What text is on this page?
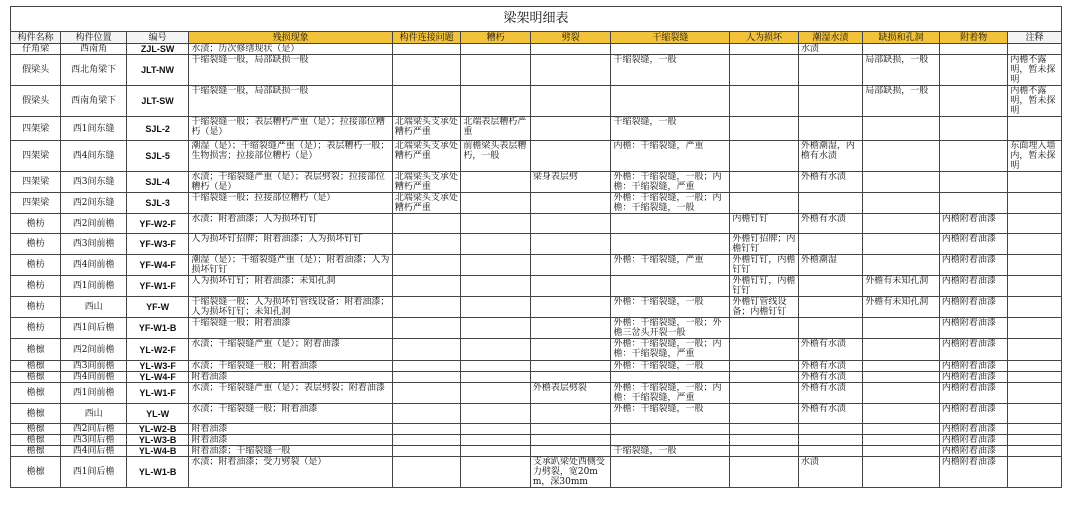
梁架明细表												
构件名称	构件位置	编号	残损现象	构件连接问题	糟朽	劈裂	干缩裂缝	人为损坏	潮湿水渍	缺损和孔洞	附着物	注释
仔角梁	西南角	ZJL-SW	水渍；历次修缮现状（是）						水渍			
假梁头	西北角梁下	JLT-NW	干缩裂缝一般，局部缺损一般				干缩裂缝，一般			局部缺损，一般		内檐不露明，暂未探明
假梁头	西南角梁下	JLT-SW	干缩裂缝一般，局部缺损一般							局部缺损，一般		内檐不露明，暂未探明
四架梁	西1间东缝	SJL-2	干缩裂缝一般；表层糟朽严重（是）；拉接部位糟朽（是）	北端梁头支承处糟朽严重	北端表层糟朽严重		干缩裂缝，一般					
四架梁	西4间东缝	SJL-5	潮湿（是）；干缩裂缝严重（是）；表层糟朽一般；生物损害；拉接部位糟朽（是）	北端梁头支承处糟朽严重	前檐梁头表层糟朽，一般		内檐：干缩裂缝，严重		外檐潮湿，内檐有水渍			东面埋入墙内，暂未探明
四架梁	西3间东缝	SJL-4	水渍；干缩裂缝严重（是）；表层劈裂；拉接部位糟朽（是）	北端梁头支承处糟朽严重		梁身表层劈	外檐：干缩裂缝，一般；内檐：干缩裂缝，严重		外檐有水渍			
四架梁	西2间东缝	SJL-3	干缩裂缝一般；拉接部位糟朽（是）	北端梁头支承处糟朽严重			外檐：干缩裂缝，一般；内檐：干缩裂缝，一般					
檐枋	西2间前檐	YF-W2-F	水渍；附着油漆；人为损坏钉钉					内檐钉钉	外檐有水渍		内檐附着油漆	
檐枋	西3间前檐	YF-W3-F	人为损坏钉招牌；附着油漆；人为损坏钉钉					外檐钉招牌；内檐钉钉			内檐附着油漆	
檐枋	西4间前檐	YF-W4-F	潮湿（是）；干缩裂缝严重（是）；附着油漆；人为损坏钉钉				外檐：干缩裂缝，严重	外檐钉钉，内檐钉钉	外檐潮湿		内檐附着油漆	
檐枋	西1间前檐	YF-W1-F	人为损坏钉钉；附着油漆；未知孔洞					外檐钉钉，内檐钉钉		外檐有未知孔洞	内檐附着油漆	
檐枋	西山	YF-W	干缩裂缝一般；人为损坏钉管线设备；附着油漆；人为损坏钉钉；未知孔洞				外檐：干缩裂缝，一般	外檐钉管线设备；内檐钉钉		外檐有未知孔洞	内檐附着油漆	
檐枋	西1间后檐	YF-W1-B	干缩裂缝一般；附着油漆				外檐：干缩裂缝，一般；外檐三岔头开裂一般				内檐附着油漆	
檐檩	西2间前檐	YL-W2-F	水渍；干缩裂缝严重（是）；附着油漆				外檐：干缩裂缝，一般；内檐：干缩裂缝，严重		外檐有水渍		内檐附着油漆	
檐檩	西3间前檐	YL-W3-F	水渍；干缩裂缝一般；附着油漆				外檐：干缩裂缝，一般		外檐有水渍		内檐附着油漆	
檐檩	西4间前檐	YL-W4-F	附着油漆						外檐有水渍		内檐附着油漆	
檐檩	西1间前檐	YL-W1-F	水渍；干缩裂缝严重（是）；表层劈裂；附着油漆			外檐表层劈裂	外檐：干缩裂缝，一般；内檐：干缩裂缝，严重		外檐有水渍		内檐附着油漆	
檐檩	西山	YL-W	水渍；干缩裂缝一般；附着油漆				外檐：干缩裂缝，一般		外檐有水渍		内檐附着油漆	
檐檩	西2间后檐	YL-W2-B	附着油漆								内檐附着油漆	
檐檩	西3间后檐	YL-W3-B	附着油漆								内檐附着油漆	
檐檩	西4间后檐	YL-W4-B	附着油漆；干缩裂缝一般				干缩裂缝，一般				内檐附着油漆	
檐檩	西1间后檐	YL-W1-B	水渍；附着油漆；受力劈裂（是）			支承趴梁处西侧受力劈裂，宽20mm，深30mm			水渍		内檐附着油漆	
